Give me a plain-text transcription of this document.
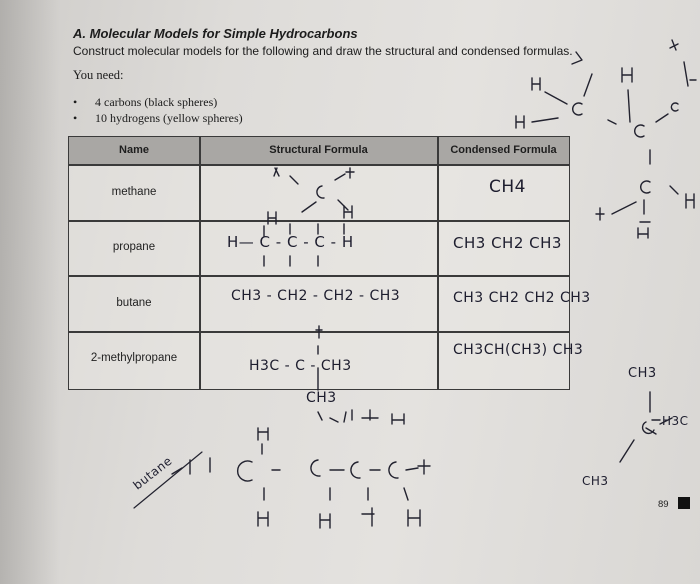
A. Molecular Models for Simple Hydrocarbons
Construct molecular models for the following and draw the structural and condensed formulas.
You need:
• 4 carbons (black spheres)
• 10 hydrogens (yellow spheres)
Name	Structural Formula	Condensed Formula
methane
propane
butane
2-methylpropane
CH4
CH3 CH2 CH3
CH3 CH2 CH2 CH3
CH3CH(CH3) CH3
H— C - C - C - H
CH3 - CH2 - CH2 - CH3
H3C - C - CH3
CH3
butane
CH3
H3C
CH3
89
